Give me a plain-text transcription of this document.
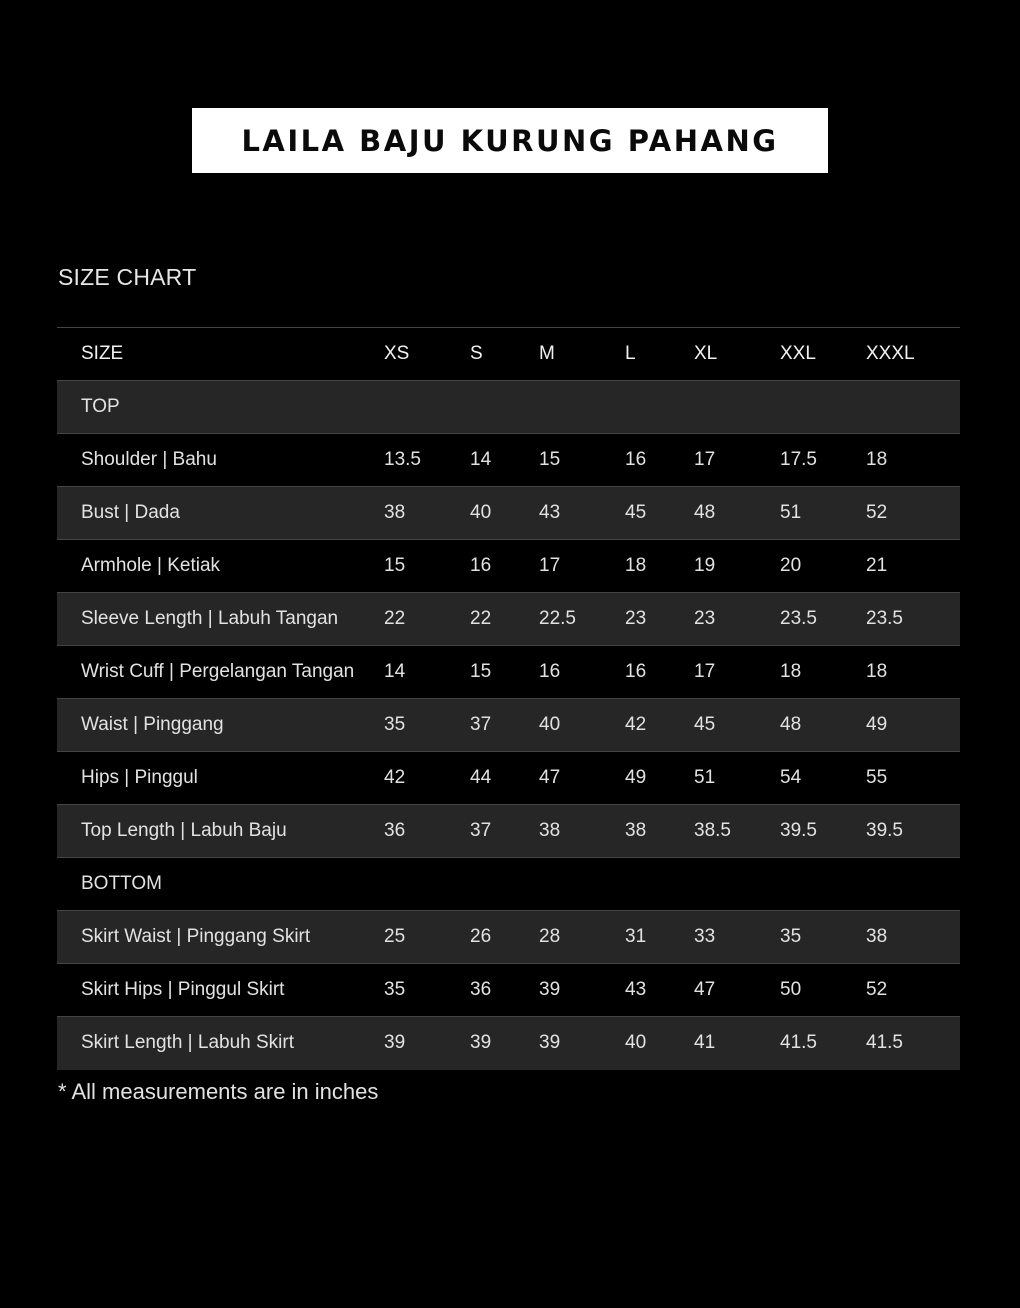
LAILA BAJU KURUNG PAHANG
SIZE CHART
SIZE	XS	S	M	L	XL	XXL	XXXL
TOP							
Shoulder | Bahu	13.5	14	15	16	17	17.5	18
Bust | Dada	38	40	43	45	48	51	52
Armhole | Ketiak	15	16	17	18	19	20	21
Sleeve Length | Labuh Tangan	22	22	22.5	23	23	23.5	23.5
Wrist Cuff | Pergelangan Tangan	14	15	16	16	17	18	18
Waist | Pinggang	35	37	40	42	45	48	49
Hips | Pinggul	42	44	47	49	51	54	55
Top Length | Labuh Baju	36	37	38	38	38.5	39.5	39.5
BOTTOM							
Skirt Waist | Pinggang Skirt	25	26	28	31	33	35	38
Skirt Hips | Pinggul Skirt	35	36	39	43	47	50	52
Skirt Length | Labuh Skirt	39	39	39	40	41	41.5	41.5
* All measurements are in inches
